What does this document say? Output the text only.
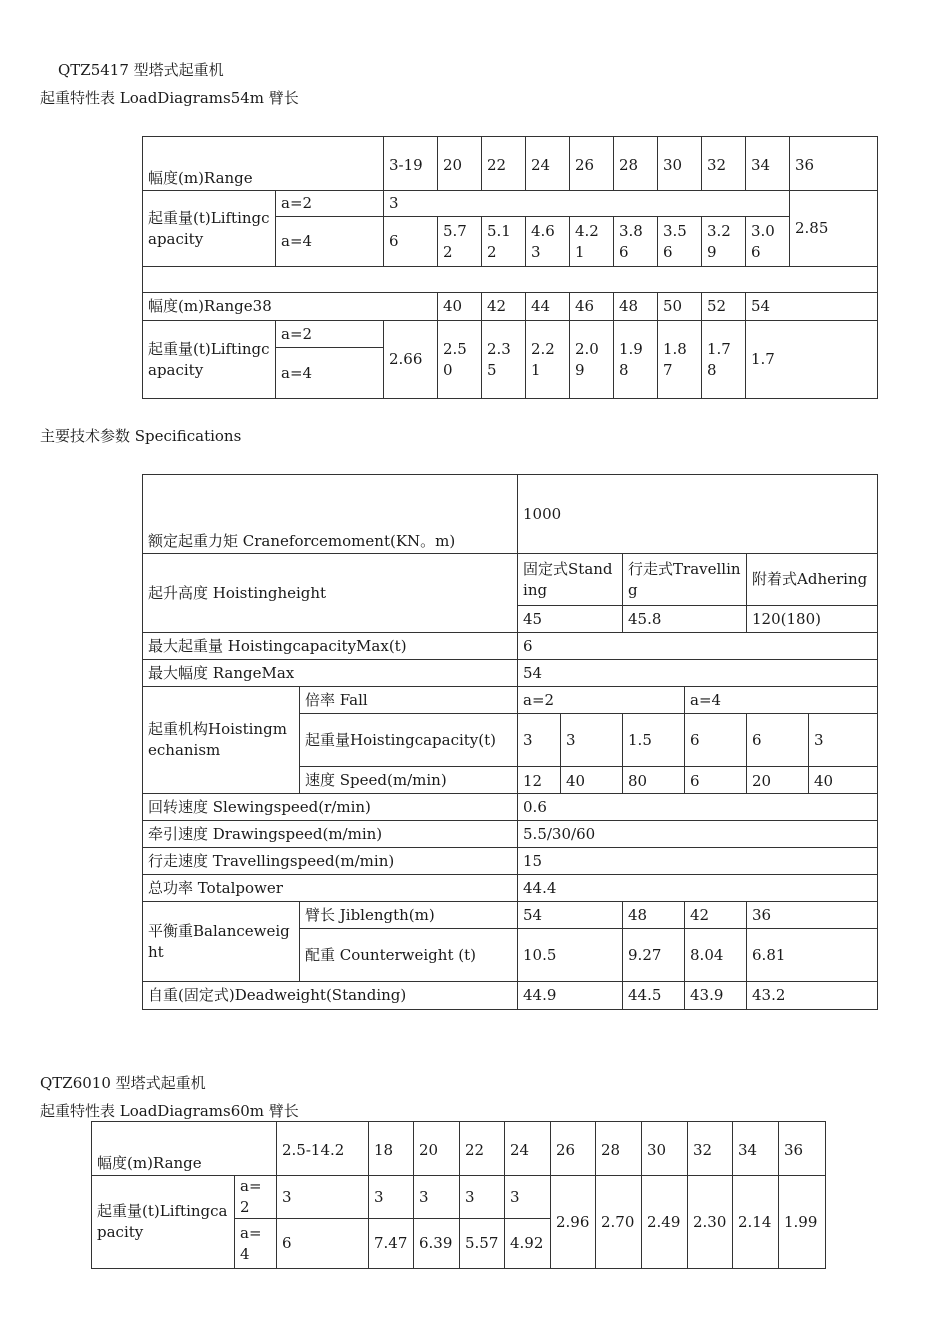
QTZ5417 型塔式起重机
起重特性表 LoadDiagrams54m 臂长
幅度(m)Range		3-19	20	22	24	26	28	30	32	34	36
起重量(t)Liftingcapacity	a=2	3									2.85
	a=4	6	5.72	5.12	4.63	4.21	3.86	3.56	3.29	3.06	

幅度(m)Range38			40	42	44	46	48	50	52	54	
起重量(t)Liftingcapacity	a=2	2.66	2.50	2.35	2.21	2.09	1.98	1.87	1.78	1.7	
	a=4										
主要技术参数 Specifications
额定起重力矩 Craneforcemoment(KN。m)		1000					
起升高度 Hoistingheight		固定式Standing		行走式Travelling		附着式Adhering	
		45		45.8		120(180)	
最大起重量 HoistingcapacityMax(t)		6					
最大幅度 RangeMax		54					
起重机构Hoistingmechanism	倍率 Fall	a=2			a=4		
	起重量Hoistingcapacity(t)	3	3	1.5	6	6	3
	速度 Speed(m/min)	12	40	80	6	20	40
回转速度 Slewingspeed(r/min)		0.6					
牵引速度 Drawingspeed(m/min)		5.5/30/60					
行走速度 Travellingspeed(m/min)		15					
总功率 Totalpower		44.4					
平衡重Balanceweight	臂长 Jiblength(m)	54		48	42	36	
	配重 Counterweight (t)	10.5		9.27	8.04	6.81	
自重(固定式)Deadweight(Standing)		44.9		44.5	43.9	43.2	
QTZ6010 型塔式起重机
起重特性表 LoadDiagrams60m 臂长
幅度(m)Range		2.5-14.2	18	20	22	24	26	28	30	32	34	36
起重量(t)Liftingcapacity	a=2	3	3	3	3	3	2.96	2.70	2.49	2.30	2.14	1.99
	a=4	6	7.47	6.39	5.57	4.92						
